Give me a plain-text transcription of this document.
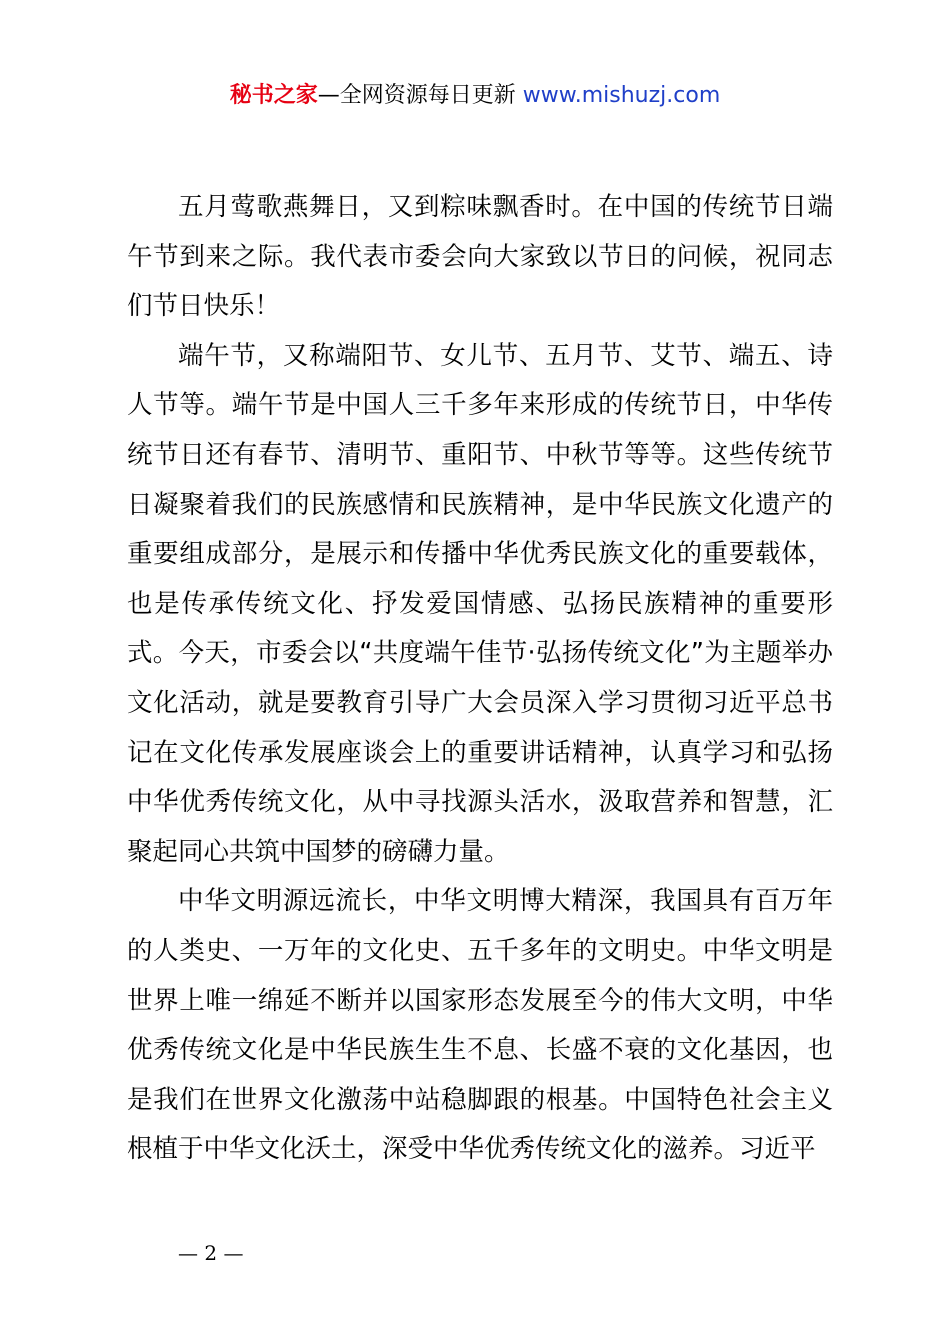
秘书之家—全网资源每日更新 www.mishuzj.com

五月莺歌燕舞日，又到粽味飘香时。在中国的传统节日端午节到来之际。我代表市委会向大家致以节日的问候，祝同志们节日快乐！

端午节，又称端阳节、女儿节、五月节、艾节、端五、诗人节等。端午节是中国人三千多年来形成的传统节日，中华传统节日还有春节、清明节、重阳节、中秋节等等。这些传统节日凝聚着我们的民族感情和民族精神，是中华民族文化遗产的重要组成部分，是展示和传播中华优秀民族文化的重要载体，也是传承传统文化、抒发爱国情感、弘扬民族精神的重要形式。今天，市委会以“共度端午佳节·弘扬传统文化”为主题举办文化活动，就是要教育引导广大会员深入学习贯彻习近平总书记在文化传承发展座谈会上的重要讲话精神，认真学习和弘扬中华优秀传统文化，从中寻找源头活水，汲取营养和智慧，汇聚起同心共筑中国梦的磅礴力量。

中华文明源远流长，中华文明博大精深，我国具有百万年的人类史、一万年的文化史、五千多年的文明史。中华文明是世界上唯一绵延不断并以国家形态发展至今的伟大文明，中华优秀传统文化是中华民族生生不息、长盛不衰的文化基因，也是我们在世界文化激荡中站稳脚跟的根基。中国特色社会主义根植于中华文化沃土，深受中华优秀传统文化的滋养。习近平

— 2 —
